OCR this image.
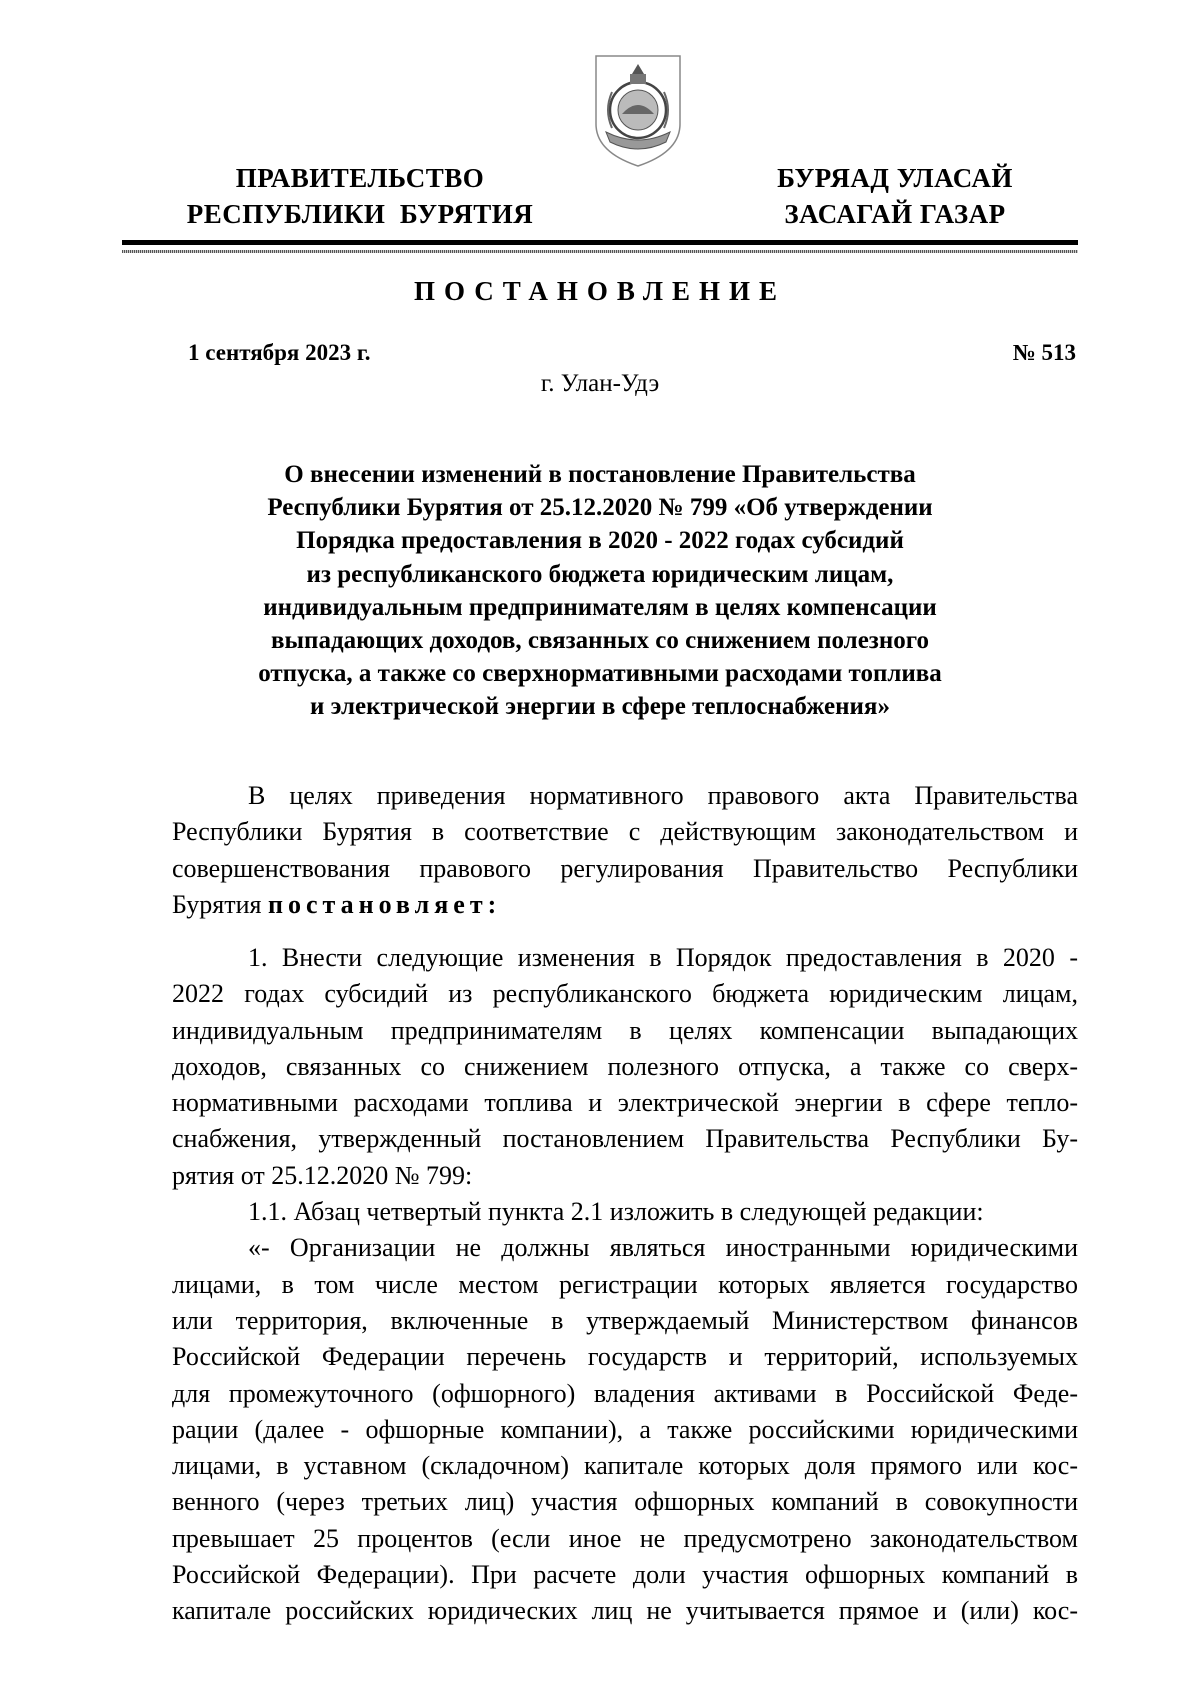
ПРАВИТЕЛЬСТВО
РЕСПУБЛИКИ  БУРЯТИЯ
БУРЯАД УЛАСАЙ
ЗАСАГАЙ ГАЗАР
ПОСТАНОВЛЕНИЕ
1 сентября 2023 г.	№ 513
г. Улан-Удэ
О внесении изменений в постановление Правительства
Республики Бурятия от 25.12.2020 № 799 «Об утверждении
Порядка предоставления в 2020 - 2022 годах субсидий
из республиканского бюджета юридическим лицам,
индивидуальным предпринимателям в целях компенсации
выпадающих доходов, связанных со снижением полезного
отпуска, а также со сверхнормативными расходами топлива
и электрической энергии в сфере теплоснабжения»
В целях приведения нормативного правового акта Правительства
Республики Бурятия в соответствие с действующим законодательством и
совершенствования правового регулирования Правительство Республики
Бурятия постановляет:
1. Внести следующие изменения в Порядок предоставления в 2020 -
2022 годах субсидий из республиканского бюджета юридическим лицам,
индивидуальным предпринимателям в целях компенсации выпадающих
доходов, связанных со снижением полезного отпуска, а также со сверх-
нормативными расходами топлива и электрической энергии в сфере тепло-
снабжения, утвержденный постановлением Правительства Республики Бу-
рятия от 25.12.2020 № 799:
1.1. Абзац четвертый пункта 2.1 изложить в следующей редакции:
«- Организации не должны являться иностранными юридическими
лицами, в том числе местом регистрации которых является государство
или территория, включенные в утверждаемый Министерством финансов
Российской Федерации перечень государств и территорий, используемых
для промежуточного (офшорного) владения активами в Российской Феде-
рации (далее - офшорные компании), а также российскими юридическими
лицами, в уставном (складочном) капитале которых доля прямого или кос-
венного (через третьих лиц) участия офшорных компаний в совокупности
превышает 25 процентов (если иное не предусмотрено законодательством
Российской Федерации). При расчете доли участия офшорных компаний в
капитале российских юридических лиц не учитывается прямое и (или) кос-
